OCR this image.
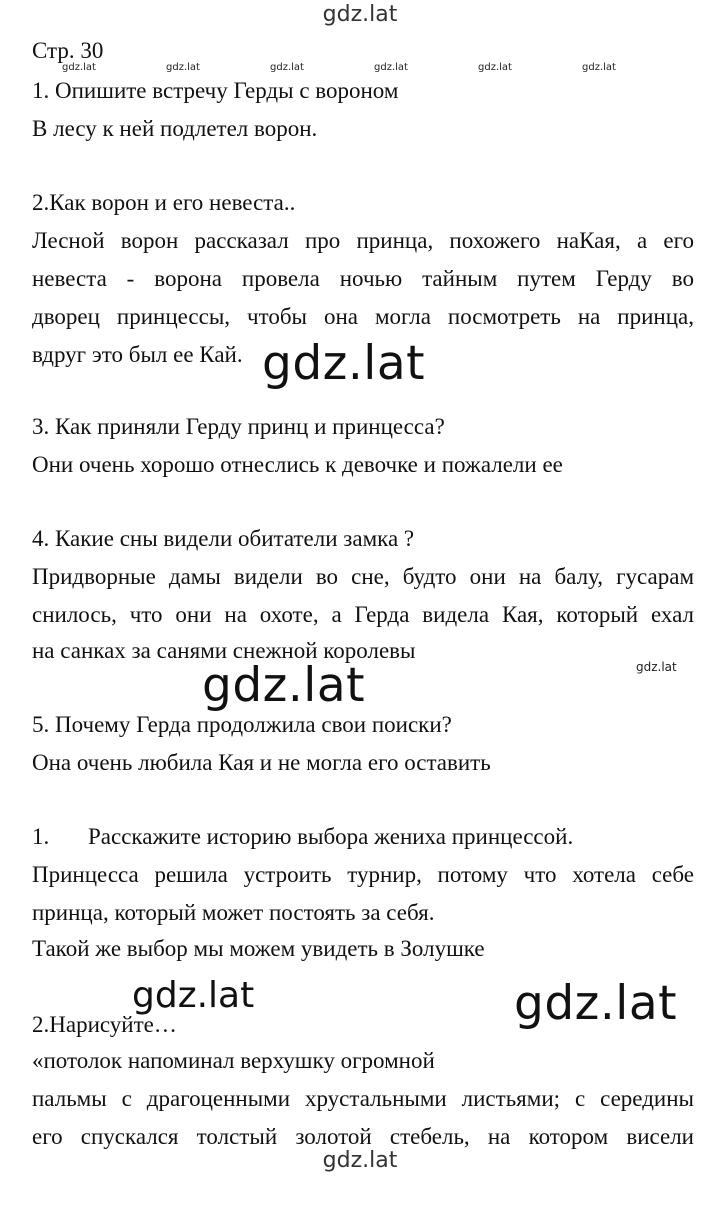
gdz.lat
gdz.lat	gdz.lat	gdz.lat	gdz.lat	gdz.lat	gdz.lat
gdz.lat
gdz.lat
gdz.lat
gdz.lat	gdz.lat
gdz.lat
Стр. 30
1. Опишите встречу Герды с вороном
В лесу к ней подлетел ворон.
2.Как ворон и его невеста..
Лесной ворон рассказал про принца, похожего наКая, а его
невеста - ворона провела ночью тайным путем Герду во
дворец принцессы, чтобы она могла посмотреть на принца,
вдруг это был ее Кай.
3. Как приняли Герду принц и принцесса?
Они очень хорошо отнеслись к девочке и пожалели ее
4. Какие сны видели обитатели замка ?
Придворные дамы видели во сне, будто они на балу, гусарам
снилось, что они на охоте, а Герда видела Кая, который ехал
на санках за санями снежной королевы
5. Почему Герда продолжила свои поиски?
Она очень любила Кая и не могла его оставить
1. Расскажите историю выбора жениха принцессой.
Принцесса решила устроить турнир, потому что хотела себе
принца, который может постоять за себя.
Такой же выбор мы можем увидеть в Золушке
2.Нарисуйте…
«потолок напоминал верхушку огромной
пальмы с драгоценными хрустальными листьями; с середины
его спускался толстый золотой стебель, на котором висели
